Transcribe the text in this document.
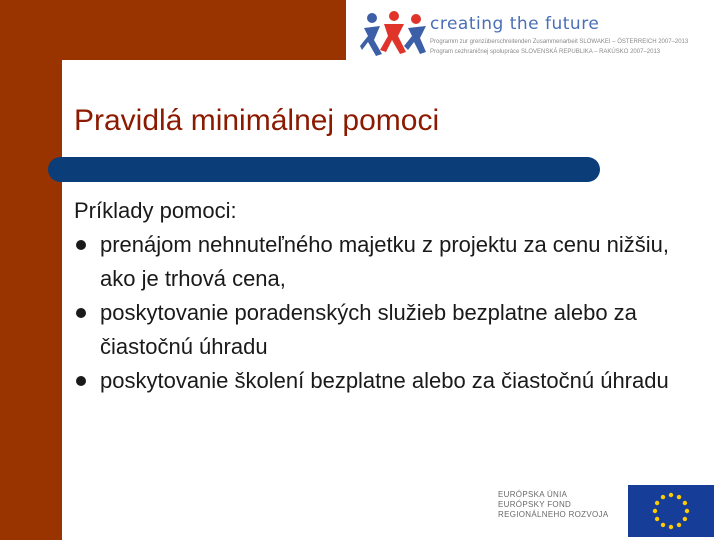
creating the future
Programm zur grenzüberschreitenden Zusammenarbeit SLOWAKEI – ÖSTERREICH 2007–2013
Program cezhraničnej spolupráce SLOVENSKÁ REPUBLIKA – RAKÚSKO 2007–2013
Pravidlá minimálnej pomoci

Príklady pomoci:

prenájom nehnuteľného majetku z projektu za cenu nižšiu, ako je trhová cena,
poskytovanie poradenských služieb bezplatne alebo za čiastočnú úhradu
poskytovanie školení bezplatne alebo za čiastočnú úhradu
EURÓPSKA ÚNIA
EURÓPSKY FOND
REGIONÁLNEHO ROZVOJA
